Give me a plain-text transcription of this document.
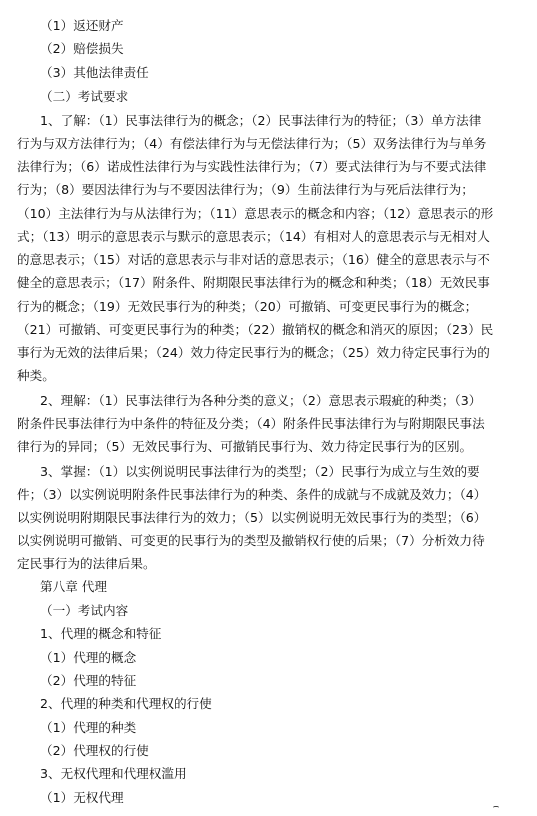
（1）返还财产
（2）赔偿损失
（3）其他法律责任
（二）考试要求
1、了解：（1）民事法律行为的概念；（2）民事法律行为的特征；（3）单方法律
行为与双方法律行为；（4）有偿法律行为与无偿法律行为；（5）双务法律行为与单务
法律行为；（6）诺成性法律行为与实践性法律行为；（7）要式法律行为与不要式法律
行为；（8）要因法律行为与不要因法律行为；（9）生前法律行为与死后法律行为；
（10）主法律行为与从法律行为；（11）意思表示的概念和内容；（12）意思表示的形
式；（13）明示的意思表示与默示的意思表示；（14）有相对人的意思表示与无相对人
的意思表示；（15）对话的意思表示与非对话的意思表示；（16）健全的意思表示与不
健全的意思表示；（17）附条件、附期限民事法律行为的概念和种类；（18）无效民事
行为的概念；（19）无效民事行为的种类；（20）可撤销、可变更民事行为的概念；
（21）可撤销、可变更民事行为的种类；（22）撤销权的概念和消灭的原因；（23）民
事行为无效的法律后果；（24）效力待定民事行为的概念；（25）效力待定民事行为的
种类。
2、理解：（1）民事法律行为各种分类的意义；（2）意思表示瑕疵的种类；（3）
附条件民事法律行为中条件的特征及分类；（4）附条件民事法律行为与附期限民事法
律行为的异同；（5）无效民事行为、可撤销民事行为、效力待定民事行为的区别。
3、掌握：（1）以实例说明民事法律行为的类型；（2）民事行为成立与生效的要
件；（3）以实例说明附条件民事法律行为的种类、条件的成就与不成就及效力；（4）
以实例说明附期限民事法律行为的效力；（5）以实例说明无效民事行为的类型；（6）
以实例说明可撤销、可变更的民事行为的类型及撤销权行使的后果；（7）分析效力待
定民事行为的法律后果。
第八章 代理
（一）考试内容
1、代理的概念和特征
（1）代理的概念
（2）代理的特征
2、代理的种类和代理权的行使
（1）代理的种类
（2）代理权的行使
3、无权代理和代理权滥用
（1）无权代理
